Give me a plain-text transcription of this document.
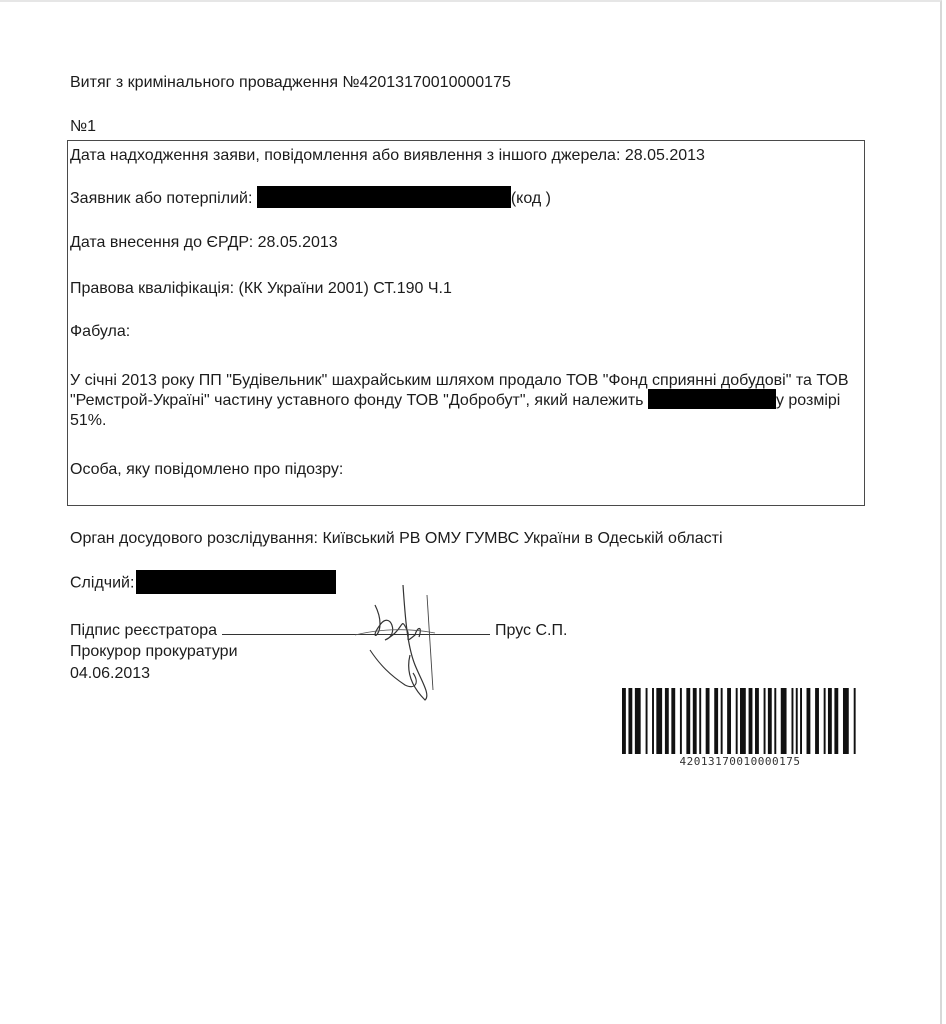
Витяг з кримінального провадження №42013170010000175
№1
Дата надходження заяви, повідомлення або виявлення з іншого джерела: 28.05.2013
Заявник або потерпілий:	(код )
Дата внесення до ЄРДР: 28.05.2013
Правова кваліфікація: (КК України 2001) СТ.190 Ч.1
Фабула:
У січні 2013 року ПП "Будівельник" шахрайським шляхом продало ТОВ "Фонд сприянні добудові" та ТОВ "Ремстрой-Україні" частину уставного фонду ТОВ "Добробут", який належить	у розмірі 51%.
Особа, яку повідомлено про підозру:
Орган досудового розслідування: Київський РВ ОМУ ГУМВС України в Одеській області
Слідчий:
Підпис реєстратора	Прус С.П.
Прокурор прокуратури
04.06.2013
42013170010000175
